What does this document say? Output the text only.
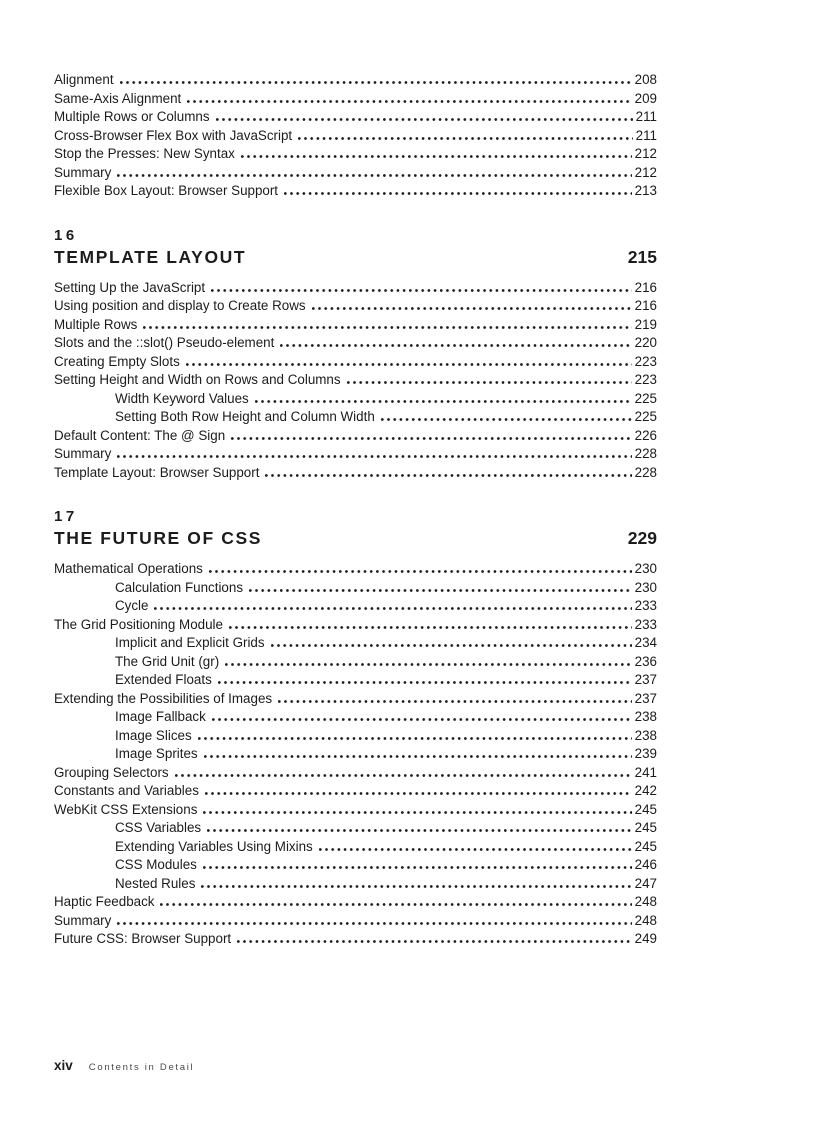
Alignment	208
Same-Axis Alignment	209
Multiple Rows or Columns	211
Cross-Browser Flex Box with JavaScript	211
Stop the Presses: New Syntax	212
Summary	212
Flexible Box Layout: Browser Support	213
16
TEMPLATE LAYOUT	215
Setting Up the JavaScript	216
Using position and display to Create Rows	216
Multiple Rows	219
Slots and the ::slot() Pseudo-element	220
Creating Empty Slots	223
Setting Height and Width on Rows and Columns	223
Width Keyword Values	225
Setting Both Row Height and Column Width	225
Default Content: The @ Sign	226
Summary	228
Template Layout: Browser Support	228
17
THE FUTURE OF CSS	229
Mathematical Operations	230
Calculation Functions	230
Cycle	233
The Grid Positioning Module	233
Implicit and Explicit Grids	234
The Grid Unit (gr)	236
Extended Floats	237
Extending the Possibilities of Images	237
Image Fallback	238
Image Slices	238
Image Sprites	239
Grouping Selectors	241
Constants and Variables	242
WebKit CSS Extensions	245
CSS Variables	245
Extending Variables Using Mixins	245
CSS Modules	246
Nested Rules	247
Haptic Feedback	248
Summary	248
Future CSS: Browser Support	249
xiv Contents in Detail
